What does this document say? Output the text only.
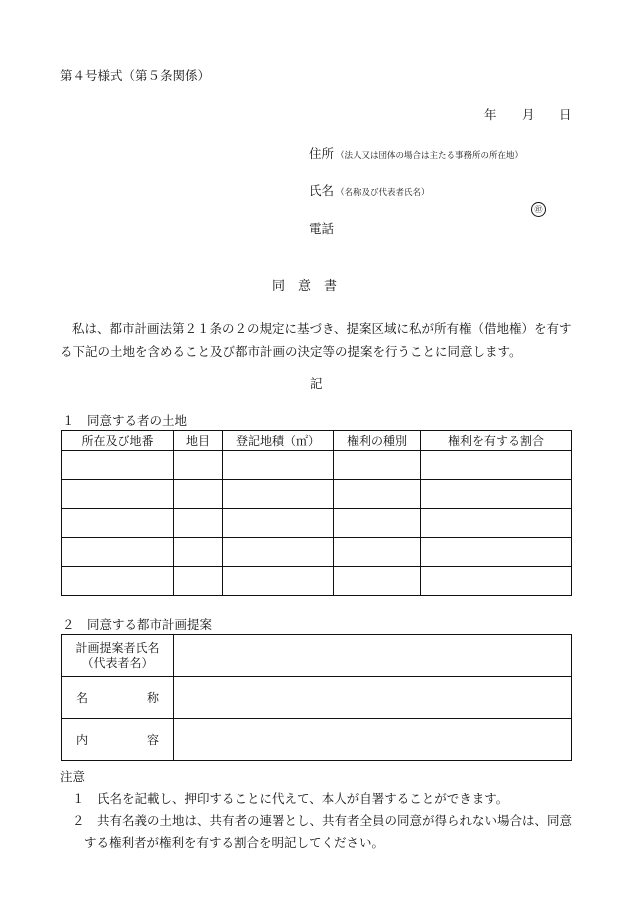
第４号様式（第５条関係）
年 月 日
住所 （法人又は団体の場合は主たる事務所の所在地）
氏名 （名称及び代表者氏名）
㊞
電話
同　意　書

私は、都市計画法第２１条の２の規定に基づき、提案区域に私が所有権（借地権）を有す

る下記の土地を含めること及び都市計画の決定等の提案を行うことに同意します。

記
１　同意する者の土地
所在及び地番	地目	登記地積（㎡）	権利の種別	権利を有する割合

２　同意する都市計画提案
計画提案者氏名
（代表者名）	

名 称	

内 容	

注意

１　氏名を記載し、押印することに代えて、本人が自署することができます。

２　共有名義の土地は、共有者の連署とし、共有者全員の同意が得られない場合は、同意

する権利者が権利を有する割合を明記してください。
